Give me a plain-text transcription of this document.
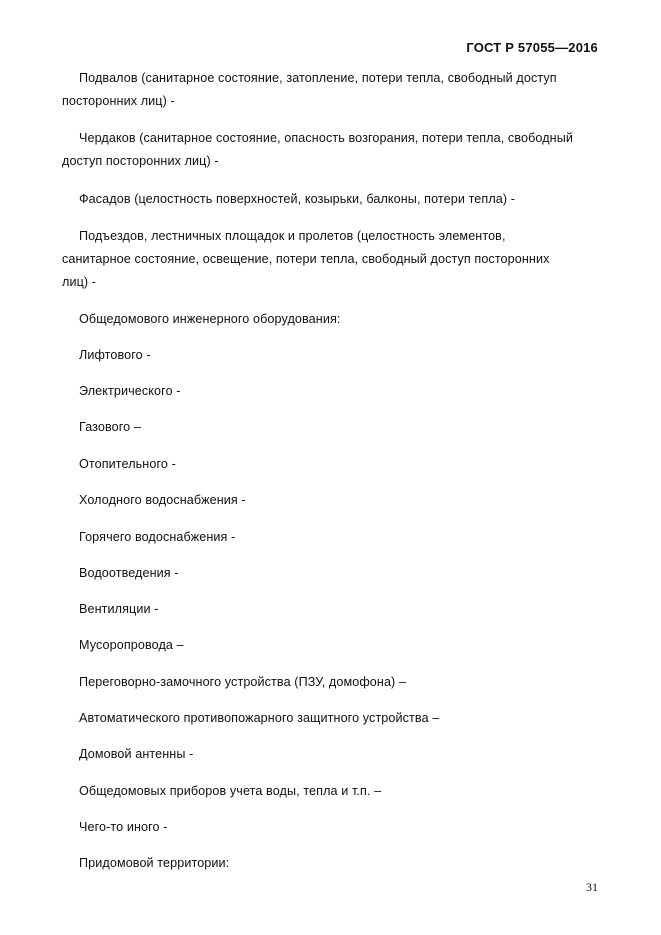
ГОСТ Р 57055—2016
Подвалов (санитарное состояние, затопление, потери тепла, свободный доступ
посторонних лиц) -
Чердаков (санитарное состояние, опасность возгорания, потери тепла, свободный
доступ посторонних лиц) -
Фасадов (целостность поверхностей, козырьки, балконы, потери тепла) -
Подъездов, лестничных площадок и пролетов (целостность элементов,
санитарное состояние, освещение, потери тепла, свободный доступ посторонних
лиц) -
Общедомового инженерного оборудования:
Лифтового -
Электрического -
Газового –
Отопительного -
Холодного водоснабжения -
Горячего водоснабжения -
Водоотведения -
Вентиляции -
Мусоропровода –
Переговорно-замочного устройства (ПЗУ, домофона) –
Автоматического противопожарного защитного устройства –
Домовой антенны -
Общедомовых приборов учета воды, тепла и т.п. –
Чего-то иного -
Придомовой территории:
31
